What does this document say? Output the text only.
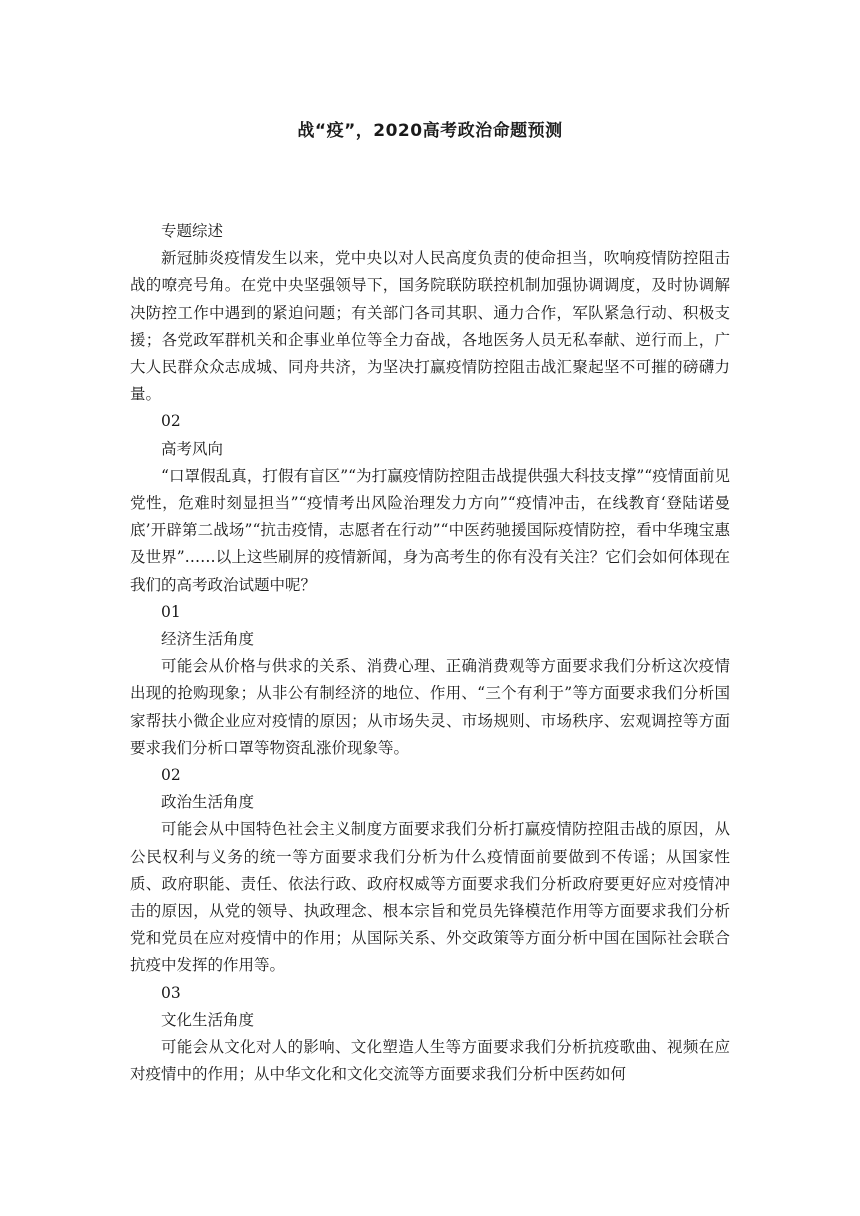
战“疫”，2020高考政治命题预测

专题综述

新冠肺炎疫情发生以来，党中央以对人民高度负责的使命担当，吹响疫情防控阻击战的嘹亮号角。在党中央坚强领导下，国务院联防联控机制加强协调调度，及时协调解决防控工作中遇到的紧迫问题；有关部门各司其职、通力合作，军队紧急行动、积极支援；各党政军群机关和企事业单位等全力奋战，各地医务人员无私奉献、逆行而上，广大人民群众众志成城、同舟共济，为坚决打赢疫情防控阻击战汇聚起坚不可摧的磅礴力量。

02

高考风向

“口罩假乱真，打假有盲区”“为打赢疫情防控阻击战提供强大科技支撑”“疫情面前见党性，危难时刻显担当”“疫情考出风险治理发力方向”“疫情冲击，在线教育‘登陆诺曼底’开辟第二战场”“抗击疫情，志愿者在行动”“中医药驰援国际疫情防控，看中华瑰宝惠及世界”……以上这些刷屏的疫情新闻，身为高考生的你有没有关注？它们会如何体现在我们的高考政治试题中呢？

01

经济生活角度

可能会从价格与供求的关系、消费心理、正确消费观等方面要求我们分析这次疫情出现的抢购现象；从非公有制经济的地位、作用、“三个有利于”等方面要求我们分析国家帮扶小微企业应对疫情的原因；从市场失灵、市场规则、市场秩序、宏观调控等方面要求我们分析口罩等物资乱涨价现象等。

02

政治生活角度

可能会从中国特色社会主义制度方面要求我们分析打赢疫情防控阻击战的原因，从公民权利与义务的统一等方面要求我们分析为什么疫情面前要做到不传谣；从国家性质、政府职能、责任、依法行政、政府权威等方面要求我们分析政府要更好应对疫情冲击的原因，从党的领导、执政理念、根本宗旨和党员先锋模范作用等方面要求我们分析党和党员在应对疫情中的作用；从国际关系、外交政策等方面分析中国在国际社会联合抗疫中发挥的作用等。

03

文化生活角度

可能会从文化对人的影响、文化塑造人生等方面要求我们分析抗疫歌曲、视频在应对疫情中的作用；从中华文化和文化交流等方面要求我们分析中医药如何
